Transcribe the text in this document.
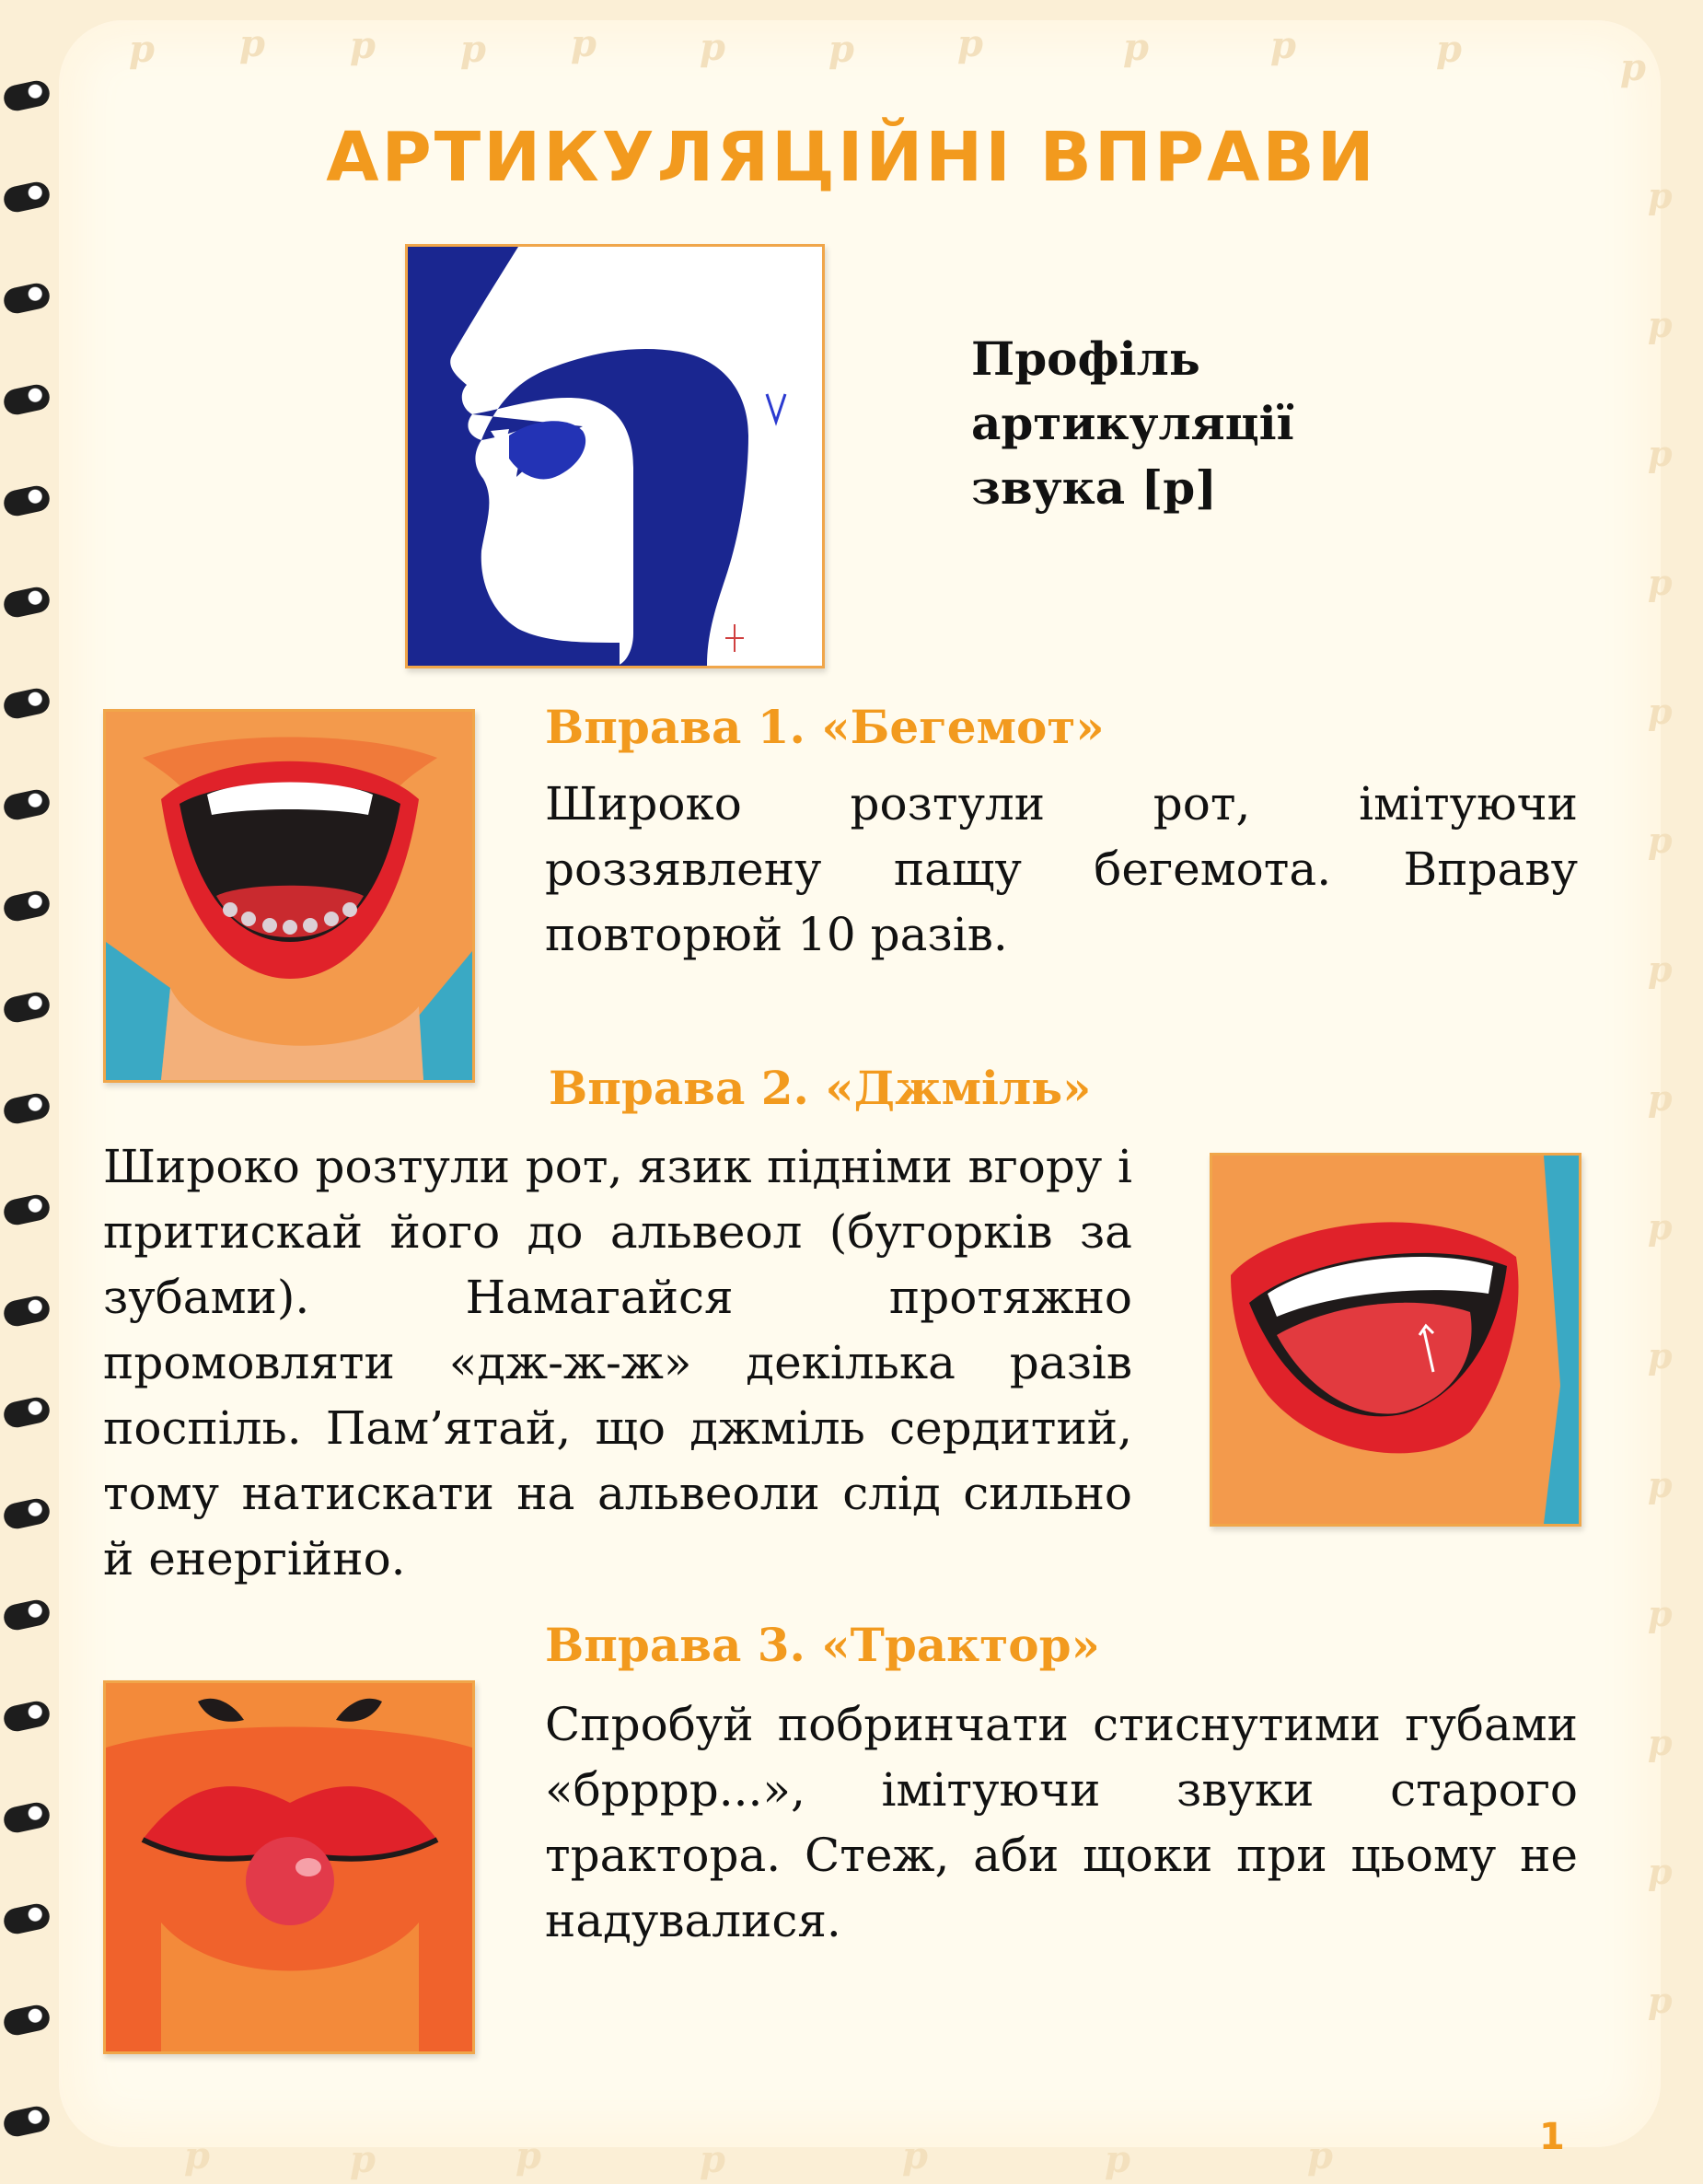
р р р р р	р	р	р	р	р	р	р
р
р
р
р
р
р
р
р
р
р
р
р
р
р
р
р	р	р	р	р	р	р
АРТИКУЛЯЦІЙНІ ВПРАВИ
Профіль артикуляції звука [р]
Вправа 1. «Бегемот»

Широко розтули рот, імітуючи роззявлену пащу бегемота. Вправу повторюй 10 разів.

Вправа 2. «Джміль»

Широко розтули рот, язик підніми вгору і притискай його до альвеол (бугорків за зубами). Намагайся протяжно промовляти «дж-ж-ж» декілька разів поспіль. Пам’ятай, що джміль сердитий, тому натискати на альвеоли слід сильно й енергійно.

Вправа 3. «Трактор»

Спробуй побринчати стиснутими губами «брррр...», імітуючи звуки старого трактора. Стеж, аби щоки при цьому не надувалися.

1
